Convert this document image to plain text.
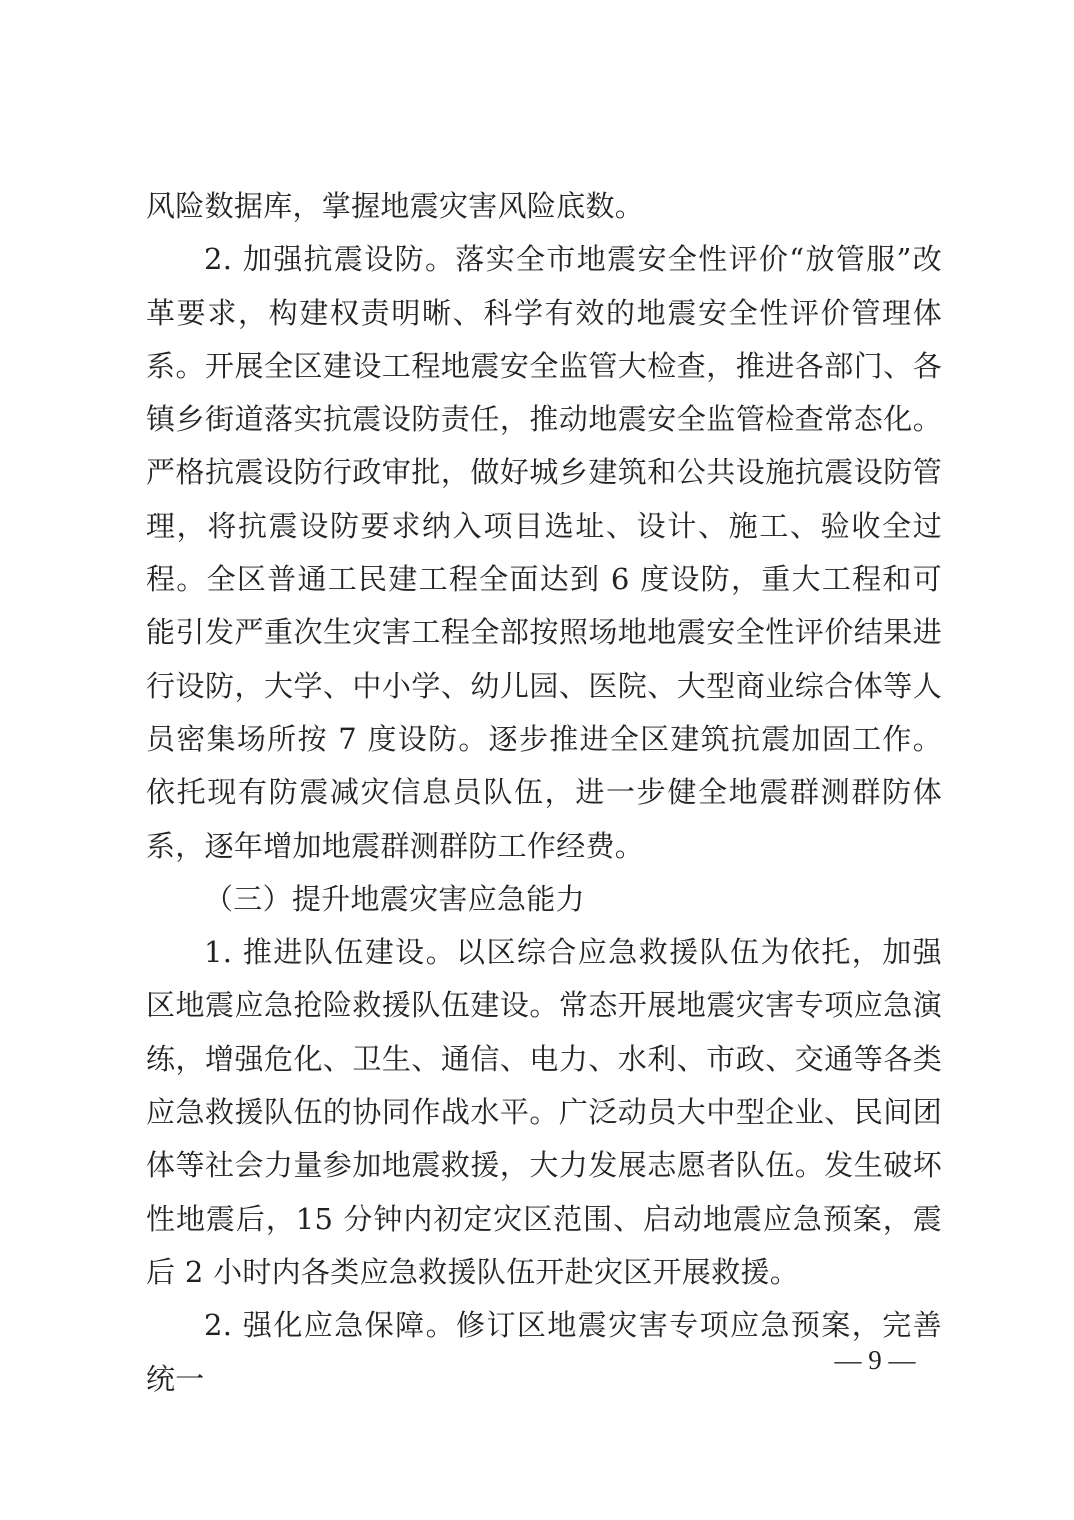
风险数据库，掌握地震灾害风险底数。

2. 加强抗震设防。落实全市地震安全性评价“放管服”改革要求，构建权责明晰、科学有效的地震安全性评价管理体系。开展全区建设工程地震安全监管大检查，推进各部门、各镇乡街道落实抗震设防责任，推动地震安全监管检查常态化。严格抗震设防行政审批，做好城乡建筑和公共设施抗震设防管理，将抗震设防要求纳入项目选址、设计、施工、验收全过程。全区普通工民建工程全面达到 6 度设防，重大工程和可能引发严重次生灾害工程全部按照场地地震安全性评价结果进行设防，大学、中小学、幼儿园、医院、大型商业综合体等人员密集场所按 7 度设防。逐步推进全区建筑抗震加固工作。依托现有防震减灾信息员队伍，进一步健全地震群测群防体系，逐年增加地震群测群防工作经费。

（三）提升地震灾害应急能力

1. 推进队伍建设。以区综合应急救援队伍为依托，加强区地震应急抢险救援队伍建设。常态开展地震灾害专项应急演练，增强危化、卫生、通信、电力、水利、市政、交通等各类应急救援队伍的协同作战水平。广泛动员大中型企业、民间团体等社会力量参加地震救援，大力发展志愿者队伍。发生破坏性地震后，15 分钟内初定灾区范围、启动地震应急预案，震后 2 小时内各类应急救援队伍开赴灾区开展救援。

2. 强化应急保障。修订区地震灾害专项应急预案，完善统一

— 9 —
